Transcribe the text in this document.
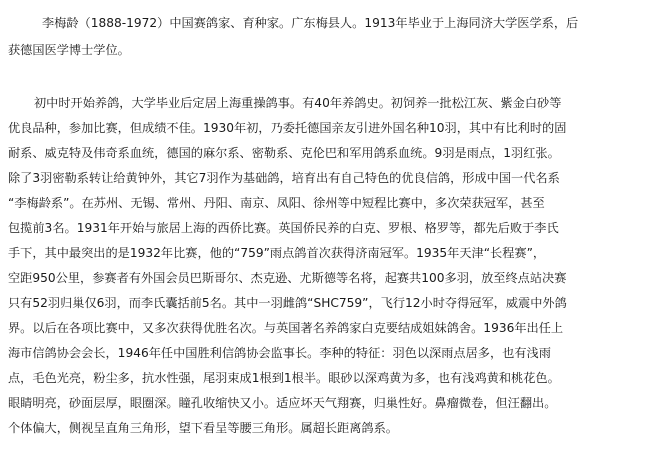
李梅龄（1888-1972）中国赛鸽家、育种家。广东梅县人。1913年毕业于上海同济大学医学系，后
获德国医学博士学位。
初中时开始养鸽，大学毕业后定居上海重操鸽事。有40年养鸽史。初饲养一批松江灰、紫金白砂等
优良品种，参加比赛，但成绩不佳。1930年初，乃委托德国亲友引进外国名种10羽，其中有比利时的固
耐系、威克特及伟奇系血统，德国的麻尔系、密勒系、克伦巴和军用鸽系血统。9羽是雨点，1羽红张。
除了3羽密勒系转让给黄钟外，其它7羽作为基础鸽，培育出有自己特色的优良信鸽，形成中国一代名系
“李梅龄系”。在苏州、无锡、常州、丹阳、南京、凤阳、徐州等中短程比赛中，多次荣获冠军，甚至
包揽前3名。1931年开始与旅居上海的西侨比赛。英国侨民养的白克、罗根、格罗等，都先后败于李氏
手下，其中最突出的是1932年比赛，他的“759”雨点鸽首次获得济南冠军。1935年天津“长程赛”，
空距950公里，参赛者有外国会员巴斯哥尔、杰克逊、尤斯德等名将，起赛共100多羽，放至终点站决赛
只有52羽归巢仅6羽，而李氏囊括前5名。其中一羽雌鸽“SHC759”，飞行12小时夺得冠军，威震中外鸽
界。以后在各项比赛中，又多次获得优胜名次。与英国著名养鸽家白克要结成姐妹鸽舍。1936年出任上
海市信鸽协会会长，1946年任中国胜利信鸽协会监事长。李种的特征：羽色以深雨点居多，也有浅雨
点，毛色光亮，粉尘多，抗水性强，尾羽束成1根到1根半。眼砂以深鸡黄为多，也有浅鸡黄和桃花色。
眼睛明亮，砂面层厚，眼圈深。瞳孔收缩快又小。适应坏天气翔赛，归巢性好。鼻瘤微卷，但汪翻出。
个体偏大，侧视呈直角三角形，望下看呈等腰三角形。属超长距离鸽系。
